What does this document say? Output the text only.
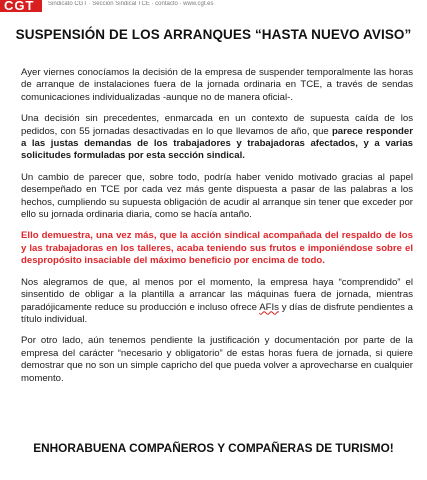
CGT	Sindicato CGT · Sección Sindical TCE · contacto · www.cgt.es
SUSPENSIÓN DE LOS ARRANQUES “HASTA NUEVO AVISO”

Ayer viernes conocíamos la decisión de la empresa de suspender temporalmente las horas de arranque de instalaciones fuera de la jornada ordinaria en TCE, a través de sendas comunicaciones individualizadas -aunque no de manera oficial-.

Una decisión sin precedentes, enmarcada en un contexto de supuesta caída de los pedidos, con 55 jornadas desactivadas en lo que llevamos de año, que parece responder a las justas demandas de los trabajadores y trabajadoras afectados, y a varias solicitudes formuladas por esta sección sindical.

Un cambio de parecer que, sobre todo, podría haber venido motivado gracias al papel desempeñado en TCE por cada vez más gente dispuesta a pasar de las palabras a los hechos, cumpliendo su supuesta obligación de acudir al arranque sin tener que exceder por ello su jornada ordinaria diaria, como se hacía antaño.

Ello demuestra, una vez más, que la acción sindical acompañada del respaldo de los y las trabajadoras en los talleres, acaba teniendo sus frutos e imponiéndose sobre el despropósito insaciable del máximo beneficio por encima de todo.

Nos alegramos de que, al menos por el momento, la empresa haya “comprendido” el sinsentido de obligar a la plantilla a arrancar las máquinas fuera de jornada, mientras paradójicamente reduce su producción e incluso ofrece AFIs y días de disfrute pendientes a título individual.

Por otro lado, aún tenemos pendiente la justificación y documentación por parte de la empresa del carácter “necesario y obligatorio” de estas horas fuera de jornada, si quiere demostrar que no son un simple capricho del que pueda volver a aprovecharse en cualquier momento.

ENHORABUENA COMPAÑEROS Y COMPAÑERAS DE TURISMO!
